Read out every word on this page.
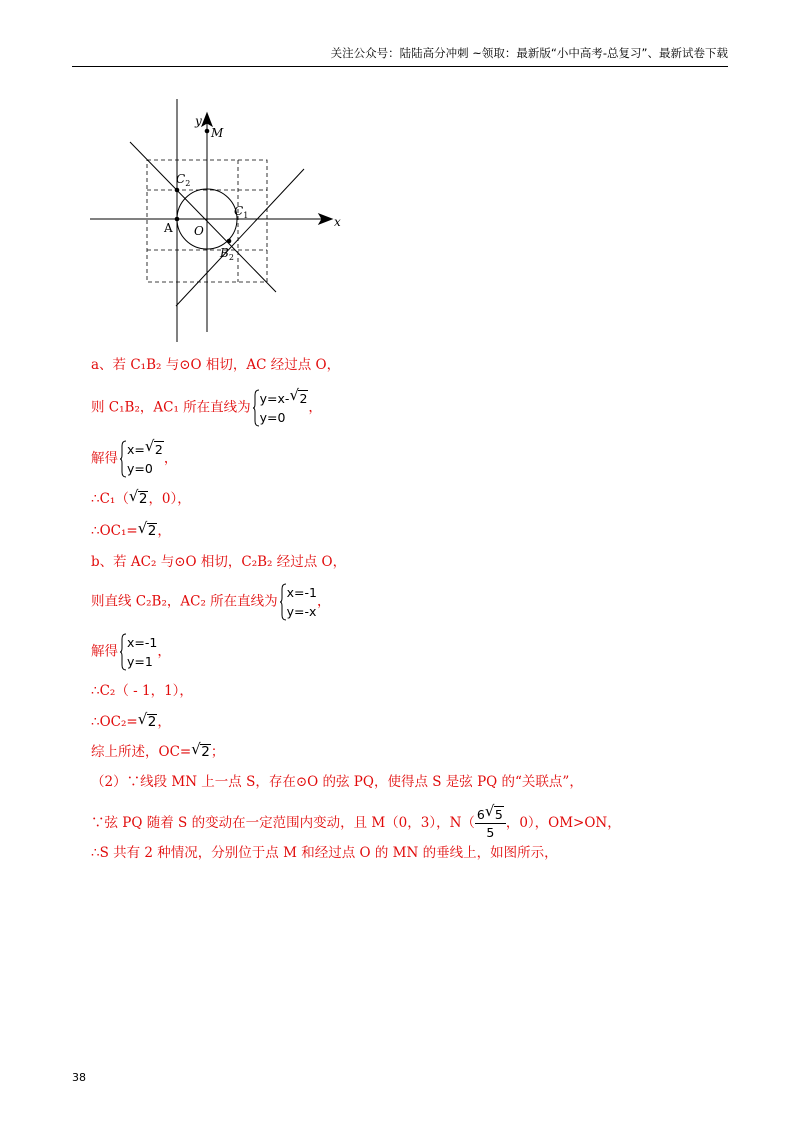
关注公众号：陆陆高分冲刺 ~领取：最新版“小中高考-总复习”、最新试卷下载
y
M
$C_2$
$C_1$
A O
$B_2$
x
a、若 C₁B₂ 与⊙O 相切，AC 经过点 O，
则 C₁B₂，AC₁ 所在直线为
y=x- √ 2
y=0
，
解得
x= √ 2
y=0
，
∴C₁（ √ 2，0），
∴OC₁= √ 2，
b、若 AC₂ 与⊙O 相切，C₂B₂ 经过点 O，
则直线 C₂B₂，AC₂ 所在直线为
x=-1
y=-x
，
解得
x=-1
y=1
，
∴C₂（ - 1，1），
∴OC₂= √ 2，
综上所述，OC= √ 2；
（2）∵线段 MN 上一点 S，存在⊙O 的弦 PQ，使得点 S 是弦 PQ 的“关联点”，
∵弦 PQ 随着 S 的变动在一定范围内变动，且 M（0，3），$N( \frac{6 √ 5}{5}$ ，0），OM>ON，
∴S 共有 2 种情况，分别位于点 M 和经过点 O 的 MN 的垂线上，如图所示，
38
